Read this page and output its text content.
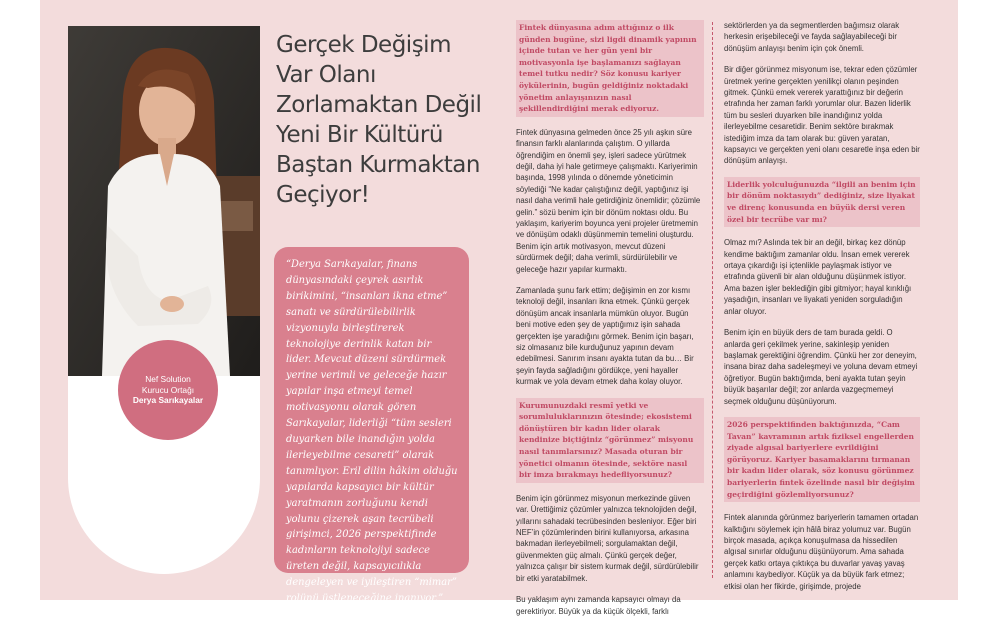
Nef Solution
Kurucu Ortağı
Derya Sarıkayalar
Gerçek Değişim Var Olanı Zorlamaktan Değil Yeni Bir Kültürü Baştan Kurmaktan Geçiyor!

“Derya Sarıkayalar, finans dünyasındaki çeyrek asırlık birikimini, “insanları ikna etme” sanatı ve sürdürülebilirlik vizyonuyla birleştirerek teknolojiye derinlik katan bir lider. Mevcut düzeni sürdürmek yerine verimli ve geleceğe hazır yapılar inşa etmeyi temel motivasyonu olarak gören Sarıkayalar, liderliği “tüm sesleri duyarken bile inandığın yolda ilerleyebilme cesareti” olarak tanımlıyor. Eril dilin hâkim olduğu yapılarda kapsayıcı bir kültür yaratmanın zorluğunu kendi yolunu çizerek aşan tecrübeli girişimci, 2026 perspektifinde kadınların teknolojiyi sadece üreten değil, kapsayıcılıkla dengeleyen ve iyileştiren “mimar” rolünü üstleneceğine inanıyor.”

Fintek dünyasına adım attığınız o ilk günden bugüne, sizi ligdi dinamik yapının içinde tutan ve her gün yeni bir motivasyonla işe başlamanızı sağlayan temel tutku nedir? Söz konusu kariyer öykülerinin, bugün geldiğiniz noktadaki yönetim anlayışınızın nasıl şekillendirdiğini merak ediyoruz.

Fintek dünyasına gelmeden önce 25 yılı aşkın süre finansın farklı alanlarında çalıştım. O yıllarda öğrendiğim en önemli şey, işleri sadece yürütmek değil, daha iyi hale getirmeye çalışmaktı. Kariyerimin başında, 1998 yılında o dönemde yöneticimin söylediği “Ne kadar çalıştığınız değil, yaptığınız işi nasıl daha verimli hale getirdiğiniz önemlidir; çözümle gelin.” sözü benim için bir dönüm noktası oldu. Bu yaklaşım, kariyerim boyunca yeni projeler üretmemin ve dönüşüm odaklı düşünmemin temelini oluşturdu. Benim için artık motivasyon, mevcut düzeni sürdürmek değil; daha verimli, sürdürülebilir ve geleceğe hazır yapılar kurmaktı.

Zamanlada şunu fark ettim; değişimin en zor kısmı teknoloji değil, insanları ikna etmek. Çünkü gerçek dönüşüm ancak insanlarla mümkün oluyor. Bugün beni motive eden şey de yaptığımız işin sahada gerçekten işe yaradığını görmek. Benim için başarı, siz olmasanız bile kurduğunuz yapının devam edebilmesi. Sanırım insanı ayakta tutan da bu… Bir şeyin fayda sağladığını gördükçe, yeni hayaller kurmak ve yola devam etmek daha kolay oluyor.

Kurumunuzdaki resmî yetki ve sorumluluklarınızın ötesinde; ekosistemi dönüştüren bir kadın lider olarak kendinize biçtiğiniz “görünmez” misyonu nasıl tanımlarsınız? Masada oturan bir yönetici olmanın ötesinde, sektöre nasıl bir imza bırakmayı hedefliyorsunuz?

Benim için görünmez misyonun merkezinde güven var. Ürettiğimiz çözümler yalnızca teknolojiden değil, yıllarını sahadaki tecrübesinden besleniyor. Eğer biri NEF’in çözümlerinden birini kullanıyorsa, arkasına bakmadan ilerleyebilmeli; sorgulamaktan değil, güvenmekten güç almalı. Çünkü gerçek değer, yalnızca çalışır bir sistem kurmak değil, sürdürülebilir bir etki yaratabilmek.

Bu yaklaşım aynı zamanda kapsayıcı olmayı da gerektiriyor. Büyük ya da küçük ölçekli, farklı

sektörlerden ya da segmentlerden bağımsız olarak herkesin erişebileceği ve fayda sağlayabileceği bir dönüşüm anlayışı benim için çok önemli.

Bir diğer görünmez misyonum ise, tekrar eden çözümler üretmek yerine gerçekten yenilikçi olanın peşinden gitmek. Çünkü emek vererek yarattığınız bir değerin etrafında her zaman farklı yorumlar olur. Bazen liderlik tüm bu sesleri duyarken bile inandığınız yolda ilerleyebilme cesaretidir. Benim sektöre bırakmak istediğim imza da tam olarak bu: güven yaratan, kapsayıcı ve gerçekten yeni olanı cesaretle inşa eden bir dönüşüm anlayışı.

Liderlik yolculuğunuzda “ilgili an benim için bir dönüm noktasıydı” dediğiniz, size liyakat ve direnç konusunda en büyük dersi veren özel bir tecrübe var mı?

Olmaz mı? Aslında tek bir an değil, birkaç kez dönüp kendime baktığım zamanlar oldu. İnsan emek vererek ortaya çıkardığı işi içtenlikle paylaşmak istiyor ve etrafında güvenli bir alan olduğunu düşünmek istiyor. Ama bazen işler beklediğin gibi gitmiyor; hayal kırıklığı yaşadığın, insanları ve liyakati yeniden sorguladığın anlar oluyor.

Benim için en büyük ders de tam burada geldi. O anlarda geri çekilmek yerine, sakinleşip yeniden başlamak gerektiğini öğrendim. Çünkü her zor deneyim, insana biraz daha sadeleşmeyi ve yoluna devam etmeyi öğretiyor. Bugün baktığımda, beni ayakta tutan şeyin büyük başarılar değil; zor anlarda vazgeçmemeyi seçmek olduğunu düşünüyorum.

2026 perspektifinden baktığınızda, “Cam Tavan” kavramının artık fiziksel engellerden ziyade algısal bariyerlere evrildiğini görüyoruz. Kariyer basamaklarını tırmanan bir kadın lider olarak, söz konusu görünmez bariyerlerin fintek özelinde nasıl bir değişim geçirdiğini gözlemliyorsunuz?

Fintek alanında görünmez bariyerlerin tamamen ortadan kalktığını söylemek için hâlâ biraz yolumuz var. Bugün birçok masada, açıkça konuşulmasa da hissedilen algısal sınırlar olduğunu düşünüyorum. Ama sahada gerçek katkı ortaya çıktıkça bu duvarlar yavaş yavaş anlamını kaybediyor. Küçük ya da büyük fark etmez; etkisi olan her fikirde, girişimde, projede
